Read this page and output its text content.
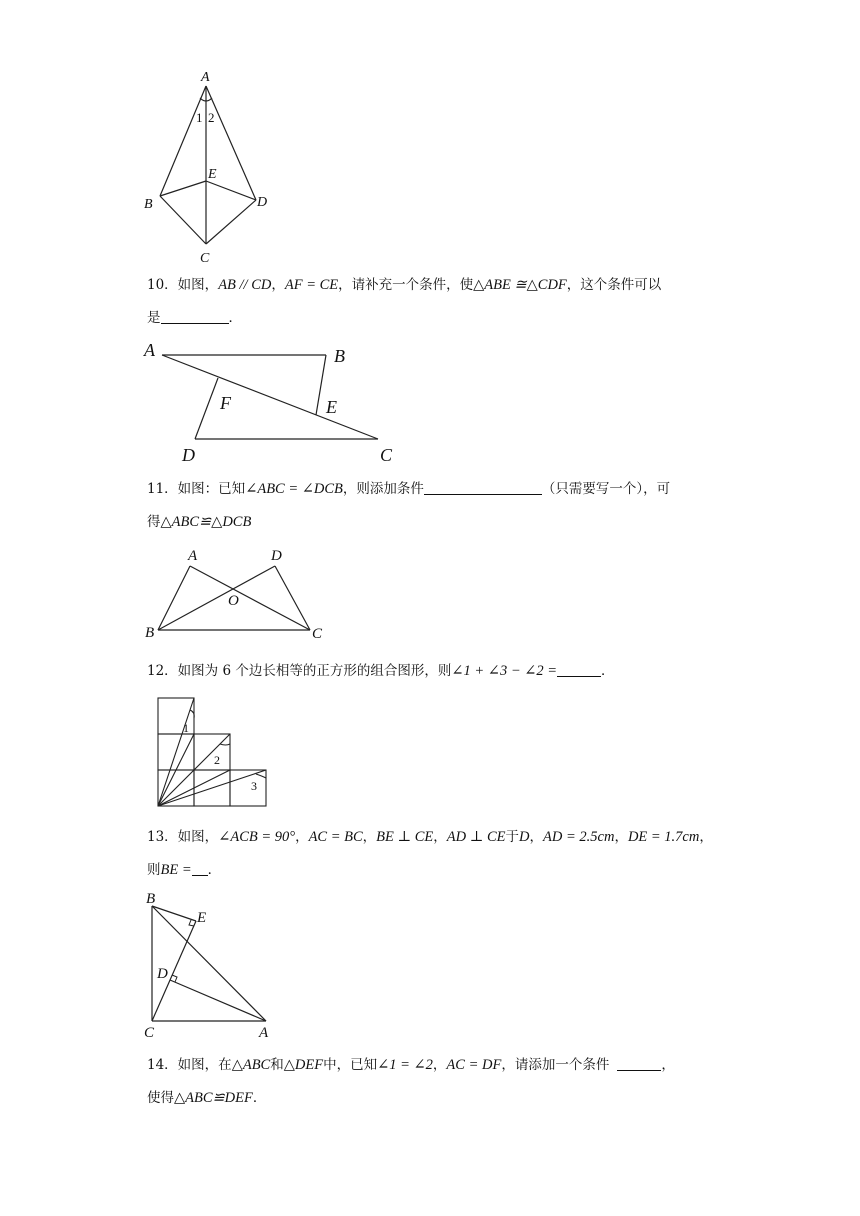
A
1 2
E
B	D
C
10．如图，AB // CD，AF = CE，请补充一个条件，使△ABE ≅△CDF，这个条件可以
是	．
A	B
F	E
D	C
11．如图：已知∠ABC = ∠DCB，则添加条件	（只需要写一个），可
得△ABC≌△DCB
A	D
O
B	C
12．如图为 6 个边长相等的正方形的组合图形，则∠1 + ∠3 − ∠2 =	．
1
2
3
13．如图，∠ACB = 90°，AC = BC，BE ⊥ CE，AD ⊥ CE于D，AD = 2.5cm，DE = 1.7cm，
则BE = ．
B
E
D
C	A
14．如图，在△ABC和△DEF中，已知∠1 = ∠2，AC = DF，请添加一个条件	，
使得△ABC≌DEF．
